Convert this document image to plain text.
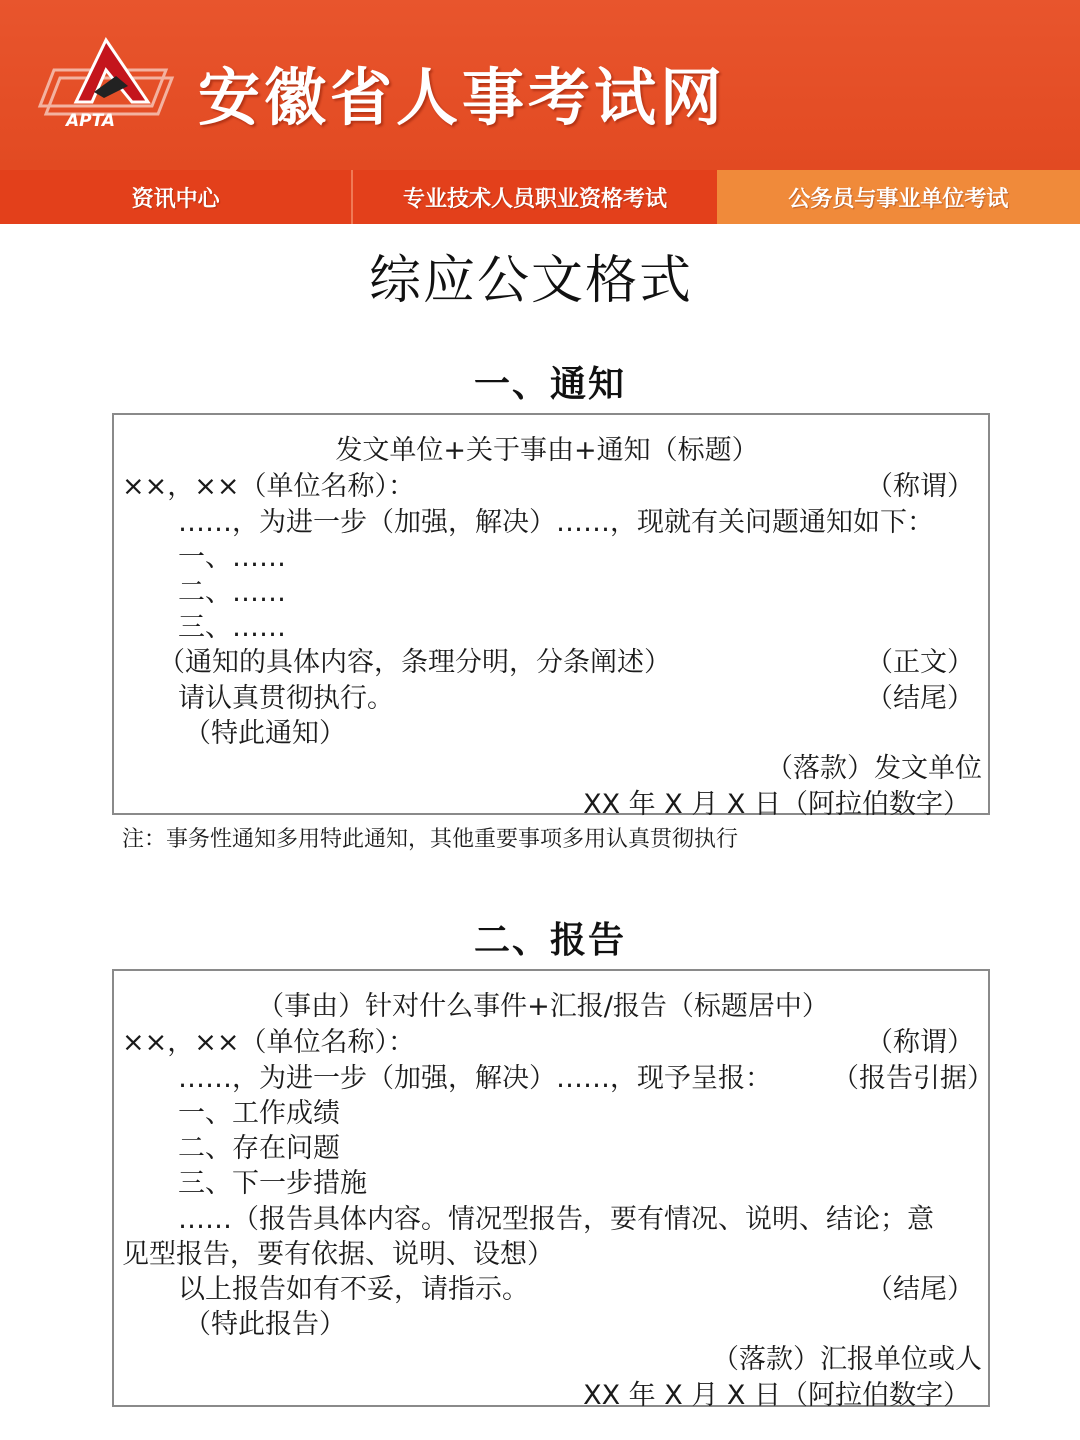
APTA 安徽省人事考试网
资讯中心	专业技术人员职业资格考试	公务员与事业单位考试
综应公文格式
一、通知
发文单位+关于事由+通知（标题）
××，××（单位名称）：	（称谓）
……，为进一步（加强，解决）……，现就有关问题通知如下：
一、……
二、……
三、……
（通知的具体内容，条理分明，分条阐述）	（正文）
请认真贯彻执行。	（结尾）
（特此通知）
（落款）发文单位
XX 年 X 月 X 日（阿拉伯数字）
注：事务性通知多用特此通知，其他重要事项多用认真贯彻执行
二、报告
（事由）针对什么事件+汇报/报告（标题居中）
××，××（单位名称）：	（称谓）
……，为进一步（加强，解决）……，现予呈报： （报告引据）
一、工作成绩
二、存在问题
三、下一步措施
……（报告具体内容。情况型报告，要有情况、说明、结论；意
见型报告，要有依据、说明、设想）
以上报告如有不妥，请指示。	（结尾）
（特此报告）
（落款）汇报单位或人
XX 年 X 月 X 日（阿拉伯数字）
